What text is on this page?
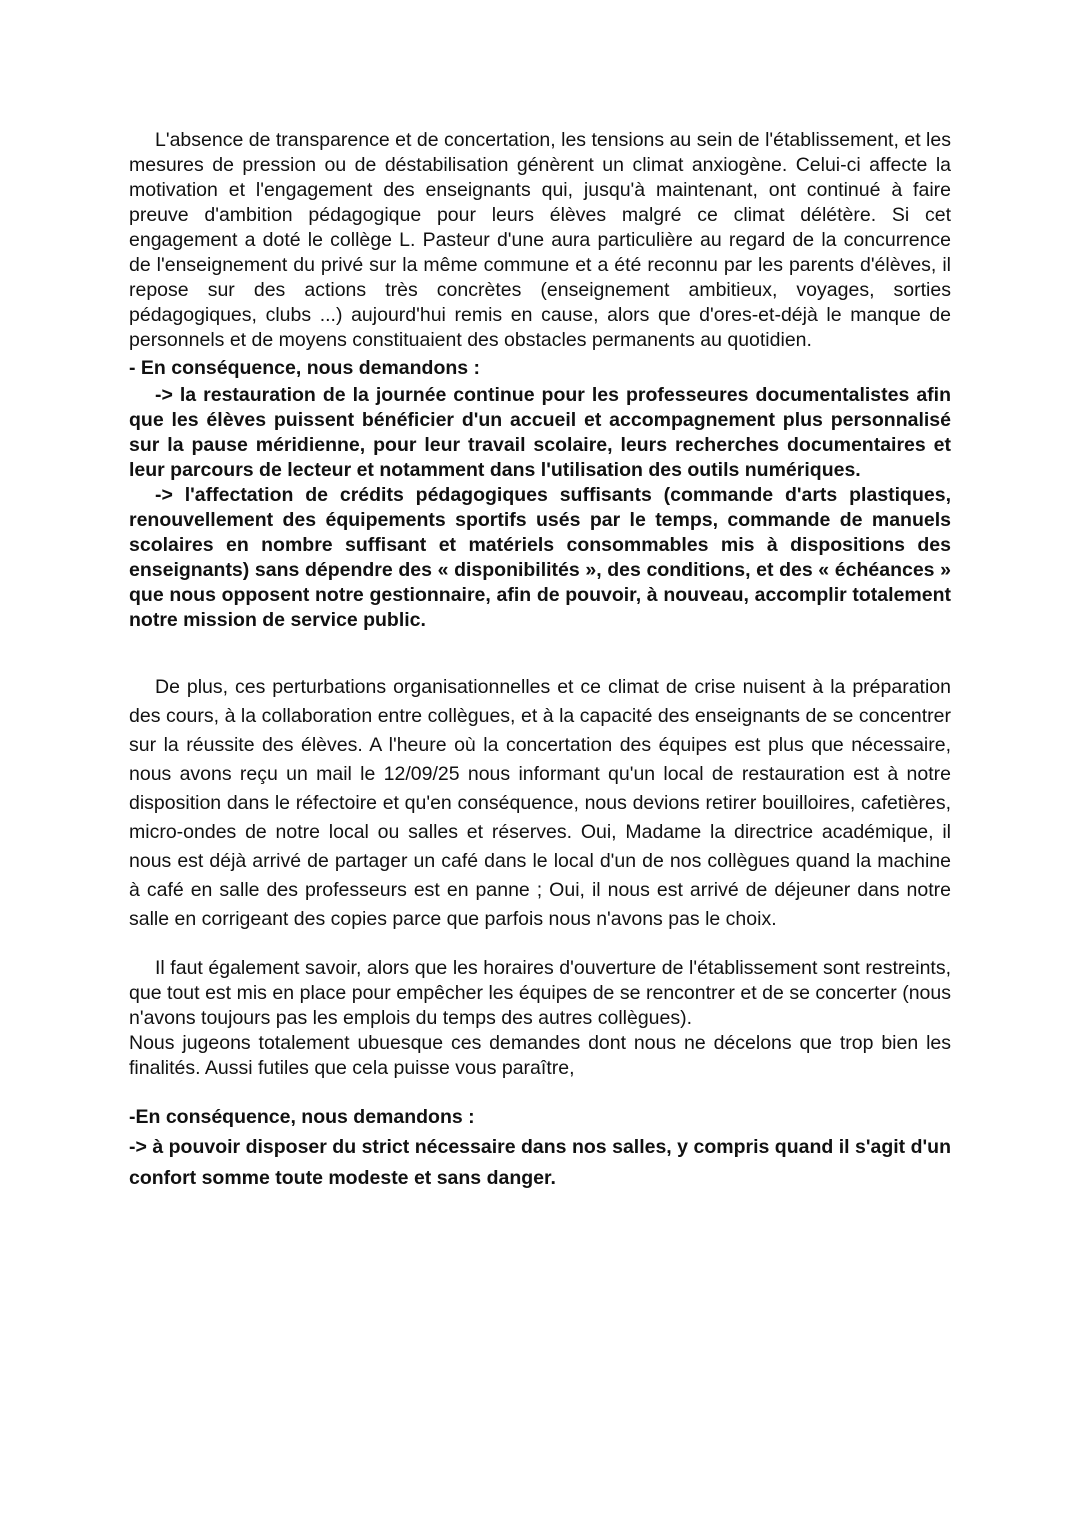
L'absence de transparence et de concertation, les tensions au sein de l'établissement, et les mesures de pression ou de déstabilisation génèrent un climat anxiogène. Celui-ci affecte la motivation et l'engagement des enseignants qui, jusqu'à maintenant, ont continué à faire preuve d'ambition pédagogique pour leurs élèves malgré ce climat délétère. Si cet engagement a doté le collège L. Pasteur d'une aura particulière au regard de la concurrence de l'enseignement du privé sur la même commune et a été reconnu par les parents d'élèves, il repose sur des actions très concrètes (enseignement ambitieux, voyages, sorties pédagogiques, clubs ...) aujourd'hui remis en cause, alors que d'ores-et-déjà le manque de personnels et de moyens constituaient des obstacles permanents au quotidien.

- En conséquence, nous demandons :

-> la restauration de la journée continue pour les professeures documentalistes afin que les élèves puissent bénéficier d'un accueil et accompagnement plus personnalisé sur la pause méridienne, pour leur travail scolaire, leurs recherches documentaires et leur parcours de lecteur et notamment dans l'utilisation des outils numériques.

-> l'affectation de crédits pédagogiques suffisants (commande d'arts plastiques, renouvellement des équipements sportifs usés par le temps, commande de manuels scolaires en nombre suffisant et matériels consommables mis à dispositions des enseignants) sans dépendre des « disponibilités », des conditions, et des « échéances » que nous opposent notre gestionnaire, afin de pouvoir, à nouveau, accomplir totalement notre mission de service public.

De plus, ces perturbations organisationnelles et ce climat de crise nuisent à la préparation des cours, à la collaboration entre collègues, et à la capacité des enseignants de se concentrer sur la réussite des élèves. A l'heure où la concertation des équipes est plus que nécessaire, nous avons reçu un mail le 12/09/25 nous informant qu'un local de restauration est à notre disposition dans le réfectoire et qu'en conséquence, nous devions retirer bouilloires, cafetières, micro-ondes de notre local ou salles et réserves. Oui, Madame la directrice académique, il nous est déjà arrivé de partager un café dans le local d'un de nos collègues quand la machine à café en salle des professeurs est en panne ; Oui, il nous est arrivé de déjeuner dans notre salle en corrigeant des copies parce que parfois nous n'avons pas le choix.

Il faut également savoir, alors que les horaires d'ouverture de l'établissement sont restreints, que tout est mis en place pour empêcher les équipes de se rencontrer et de se concerter (nous n'avons toujours pas les emplois du temps des autres collègues).

Nous jugeons totalement ubuesque ces demandes dont nous ne décelons que trop bien les finalités. Aussi futiles que cela puisse vous paraître,

-En conséquence, nous demandons :

-> à pouvoir disposer du strict nécessaire dans nos salles, y compris quand il s'agit d'un confort somme toute modeste et sans danger.
